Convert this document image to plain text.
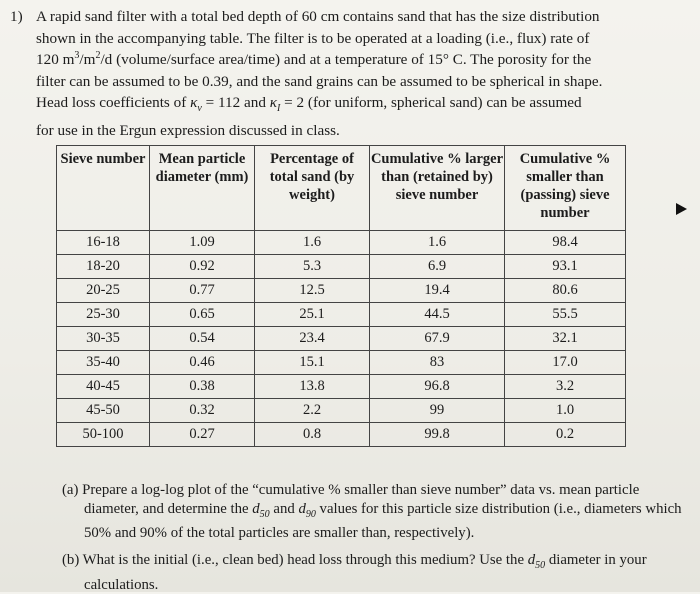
1) A rapid sand filter with a total bed depth of 60 cm contains sand that has the size distribution
shown in the accompanying table. The filter is to be operated at a loading (i.e., flux) rate of
120 $m^3/m^2/d$ (volume/surface area/time) and at a temperature of 15° C. The porosity for the
filter can be assumed to be 0.39, and the sand grains can be assumed to be spherical in shape.
Head loss coefficients of $\kappa_v = 112$ and $\kappa_I = 2$ (for uniform, spherical sand) can be assumed
for use in the Ergun expression discussed in class.
Sieve number	Mean particle diameter (mm)	Percentage of total sand (by weight)	Cumulative % larger than (retained by) sieve number	Cumulative % smaller than (passing) sieve number
16-18	1.09	1.6	1.6	98.4
18-20	0.92	5.3	6.9	93.1
20-25	0.77	12.5	19.4	80.6
25-30	0.65	25.1	44.5	55.5
30-35	0.54	23.4	67.9	32.1
35-40	0.46	15.1	83	17.0
40-45	0.38	13.8	96.8	3.2
45-50	0.32	2.2	99	1.0
50-100	0.27	0.8	99.8	0.2
(a) Prepare a log-log plot of the “cumulative % smaller than sieve number” data vs. mean particle diameter, and determine the $d_{50}$ and $d_{90}$ values for this particle size distribution (i.e., diameters which 50% and 90% of the total particles are smaller than, respectively).
(b) What is the initial (i.e., clean bed) head loss through this medium? Use the $d_{50}$ diameter in your calculations.
